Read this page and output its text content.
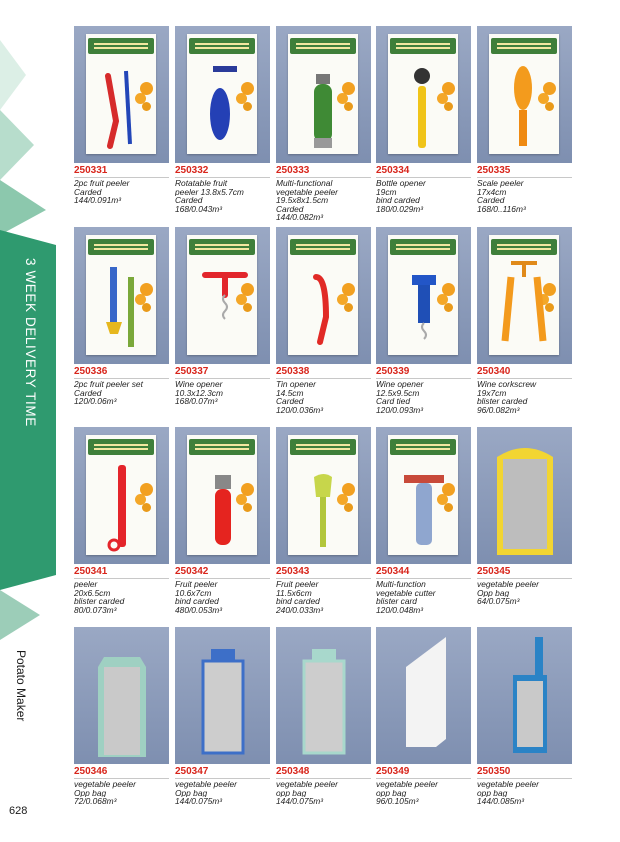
3 WEEK DELIVERY TIME
Potato Maker
628
250331
2pc fruit peeler
Carded
144/0.091m³
250332
Rotatable fruit
peeler 13.8x5.7cm
Carded
168/0.043m³
250333
Multi-functional
vegetable peeler
19.5x8x1.5cm
Carded
144/0.082m³
250334
Bottle opener
19cm
bind carded
180/0.029m³
250335
Scale peeler
17x4cm
Carded
168/0..116m³
250336
2pc fruit peeler set
Carded
120/0.06m³
250337
Wine opener
10.3x12.3cm
168/0.07m³
250338
Tin opener
14.5cm
Carded
120/0.036m³
250339
Wine opener
12.5x9.5cm
Card tied
120/0.093m³
250340
Wine corkscrew
19x7cm
blister carded
96/0.082m³
250341
peeler
20x6.5cm
blister carded
80/0.073m³
250342
Fruit peeler
10.6x7cm
bind carded
480/0.053m³
250343
Fruit peeler
11.5x6cm
bind carded
240/0.033m³
250344
Multi-function
vegetable cutter
blister card
120/0.048m³
250345
vegetable peeler
Opp bag
64/0.075m³
250346
vegetable peeler
Opp bag
72/0.068m³
250347
vegetable peeler
Opp bag
144/0.075m³
250348
vegetable peeler
opp bag
144/0.075m³
250349
vegetable peeler
opp bag
96/0.105m³
250350
vegetable peeler
opp bag
144/0.085m³
